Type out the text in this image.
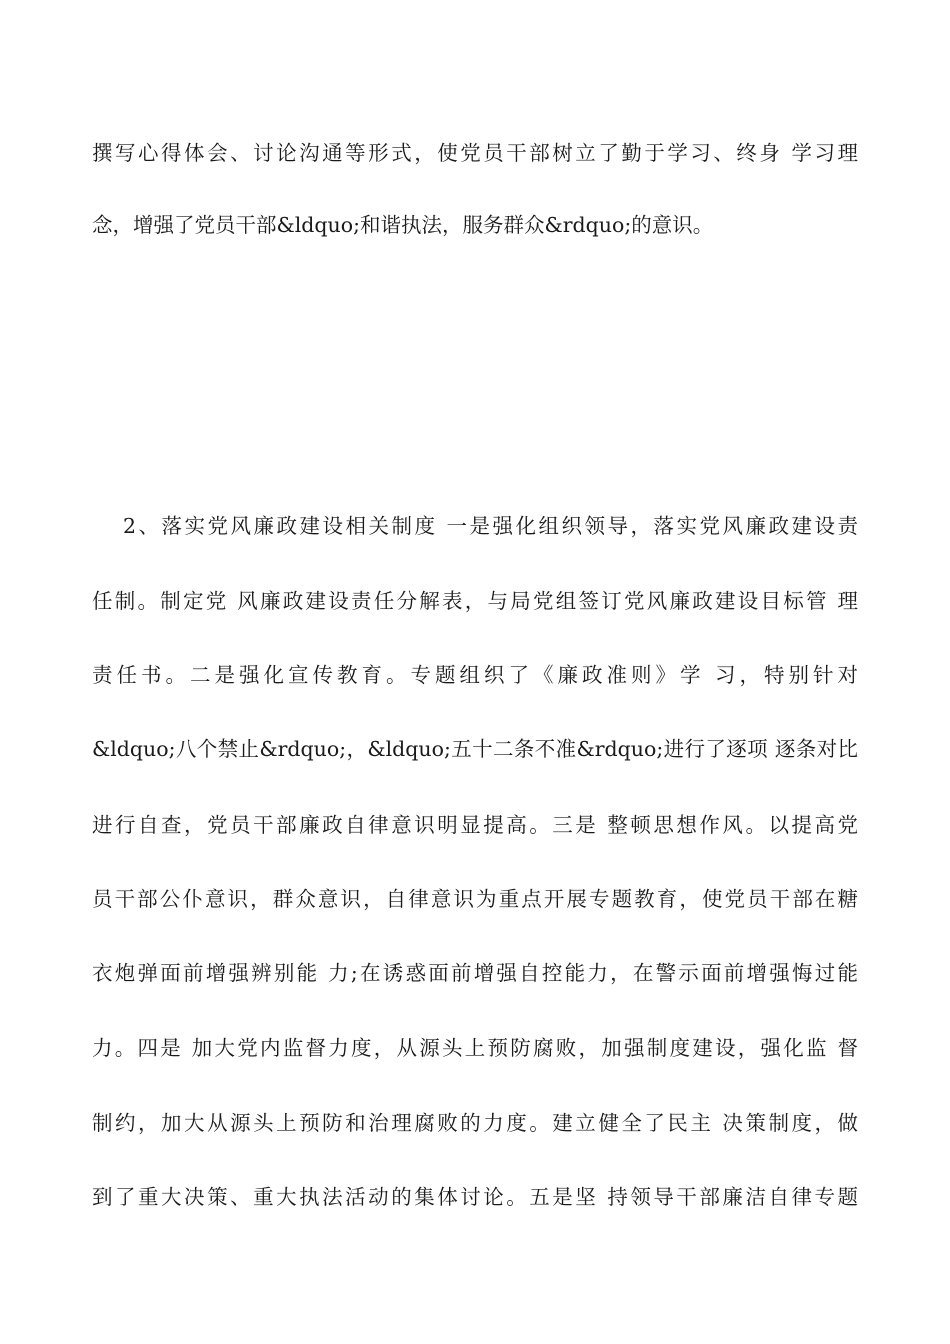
撰写心得体会、讨论沟通等形式，使党员干部树立了勤于学习、终身 学习理
念，增强了党员干部&ldquo;和谐执法，服务群众&rdquo;的意识。
2、落实党风廉政建设相关制度 一是强化组织领导，落实党风廉政建设责
任制。制定党 风廉政建设责任分解表，与局党组签订党风廉政建设目标管 理
责任书。二是强化宣传教育。专题组织了《廉政准则》学 习，特别针对
&ldquo;八个禁止&rdquo;，&ldquo;五十二条不准&rdquo;进行了逐项 逐条对比
进行自查，党员干部廉政自律意识明显提高。三是 整顿思想作风。以提高党
员干部公仆意识，群众意识，自律意识为重点开展专题教育，使党员干部在糖
衣炮弹面前增强辨别能 力;在诱惑面前增强自控能力，在警示面前增强悔过能
力。四是 加大党内监督力度，从源头上预防腐败，加强制度建设，强化监 督
制约，加大从源头上预防和治理腐败的力度。建立健全了民主 决策制度，做
到了重大决策、重大执法活动的集体讨论。五是坚 持领导干部廉洁自律专题
